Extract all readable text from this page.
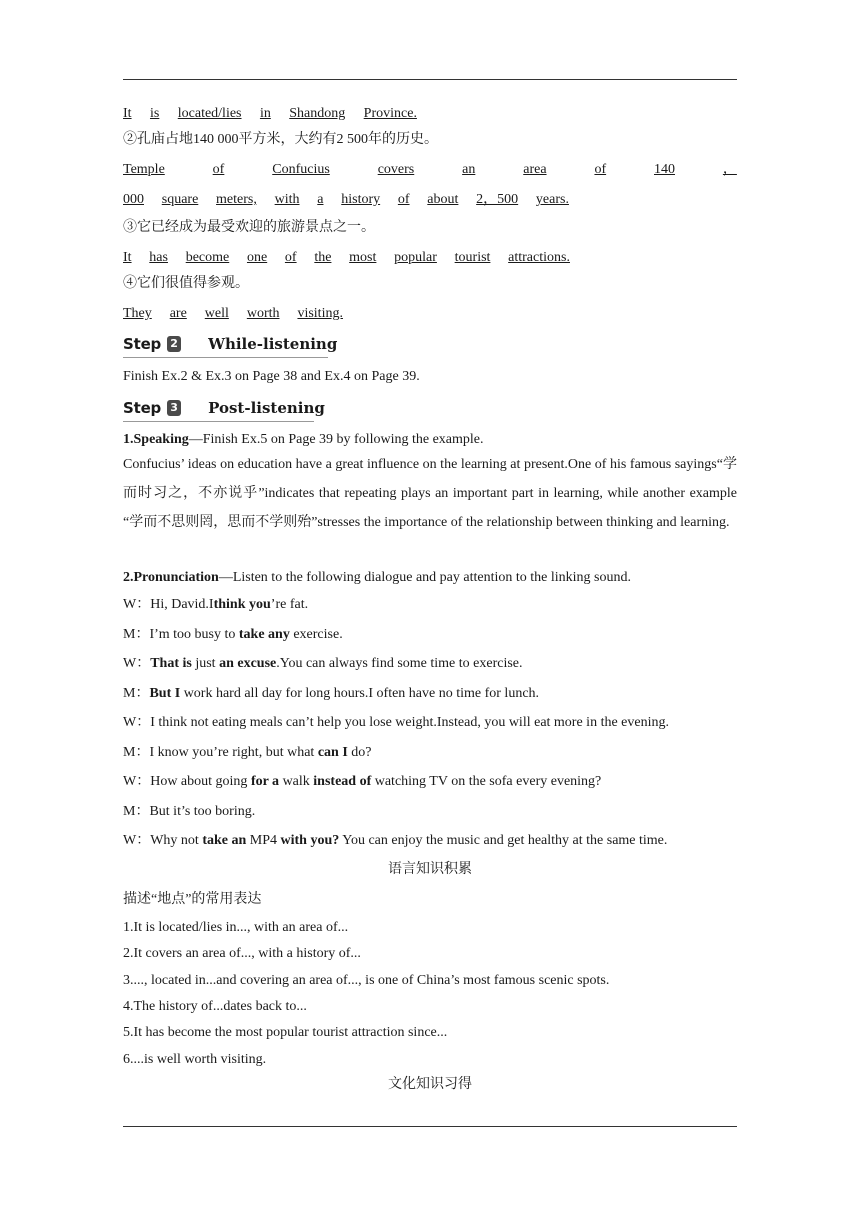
It is located/lies in Shandong Province.
②孔庙占地140 000平方米，大约有2 500年的历史。
Temple	of	Confucius	covers	an	area	of	140	，
000 square meters, with a history of about 2，500 years.
③它已经成为最受欢迎的旅游景点之一。
It has become one of the most popular tourist attractions.
④它们很值得参观。
They are well worth visiting.
Step 2 While-listening
Finish Ex.2 & Ex.3 on Page 38 and Ex.4 on Page 39.
Step 3 Post-listening
1.Speaking—Finish Ex.5 on Page 39 by following the example.
Confucius’ ideas on education have a great influence on the learning at present.One of his famous sayings“学而时习之，不亦说乎”indicates that repeating plays an important part in learning, while another example “学而不思则罔，思而不学则殆”stresses the importance of the relationship between thinking and learning.
2.Pronunciation—Listen to the following dialogue and pay attention to the linking sound.
W：Hi, David.Ithink you’re fat.
M：I’m too busy to take any exercise.
W：That is just an excuse.You can always find some time to exercise.
M：But I work hard all day for long hours.I often have no time for lunch.
W：I think not eating meals can’t help you lose weight.Instead, you will eat more in the evening.
M：I know you’re right, but what can I do?
W：How about going for a walk instead of watching TV on the sofa every evening?
M：But it’s too boring.
W：Why not take an MP4 with you? You can enjoy the music and get healthy at the same time.
语言知识积累
描述“地点”的常用表达
1.It is located/lies in..., with an area of...
2.It covers an area of..., with a history of...
3...., located in...and covering an area of..., is one of China’s most famous scenic spots.
4.The history of...dates back to...
5.It has become the most popular tourist attraction since...
6....is well worth visiting.
文化知识习得
